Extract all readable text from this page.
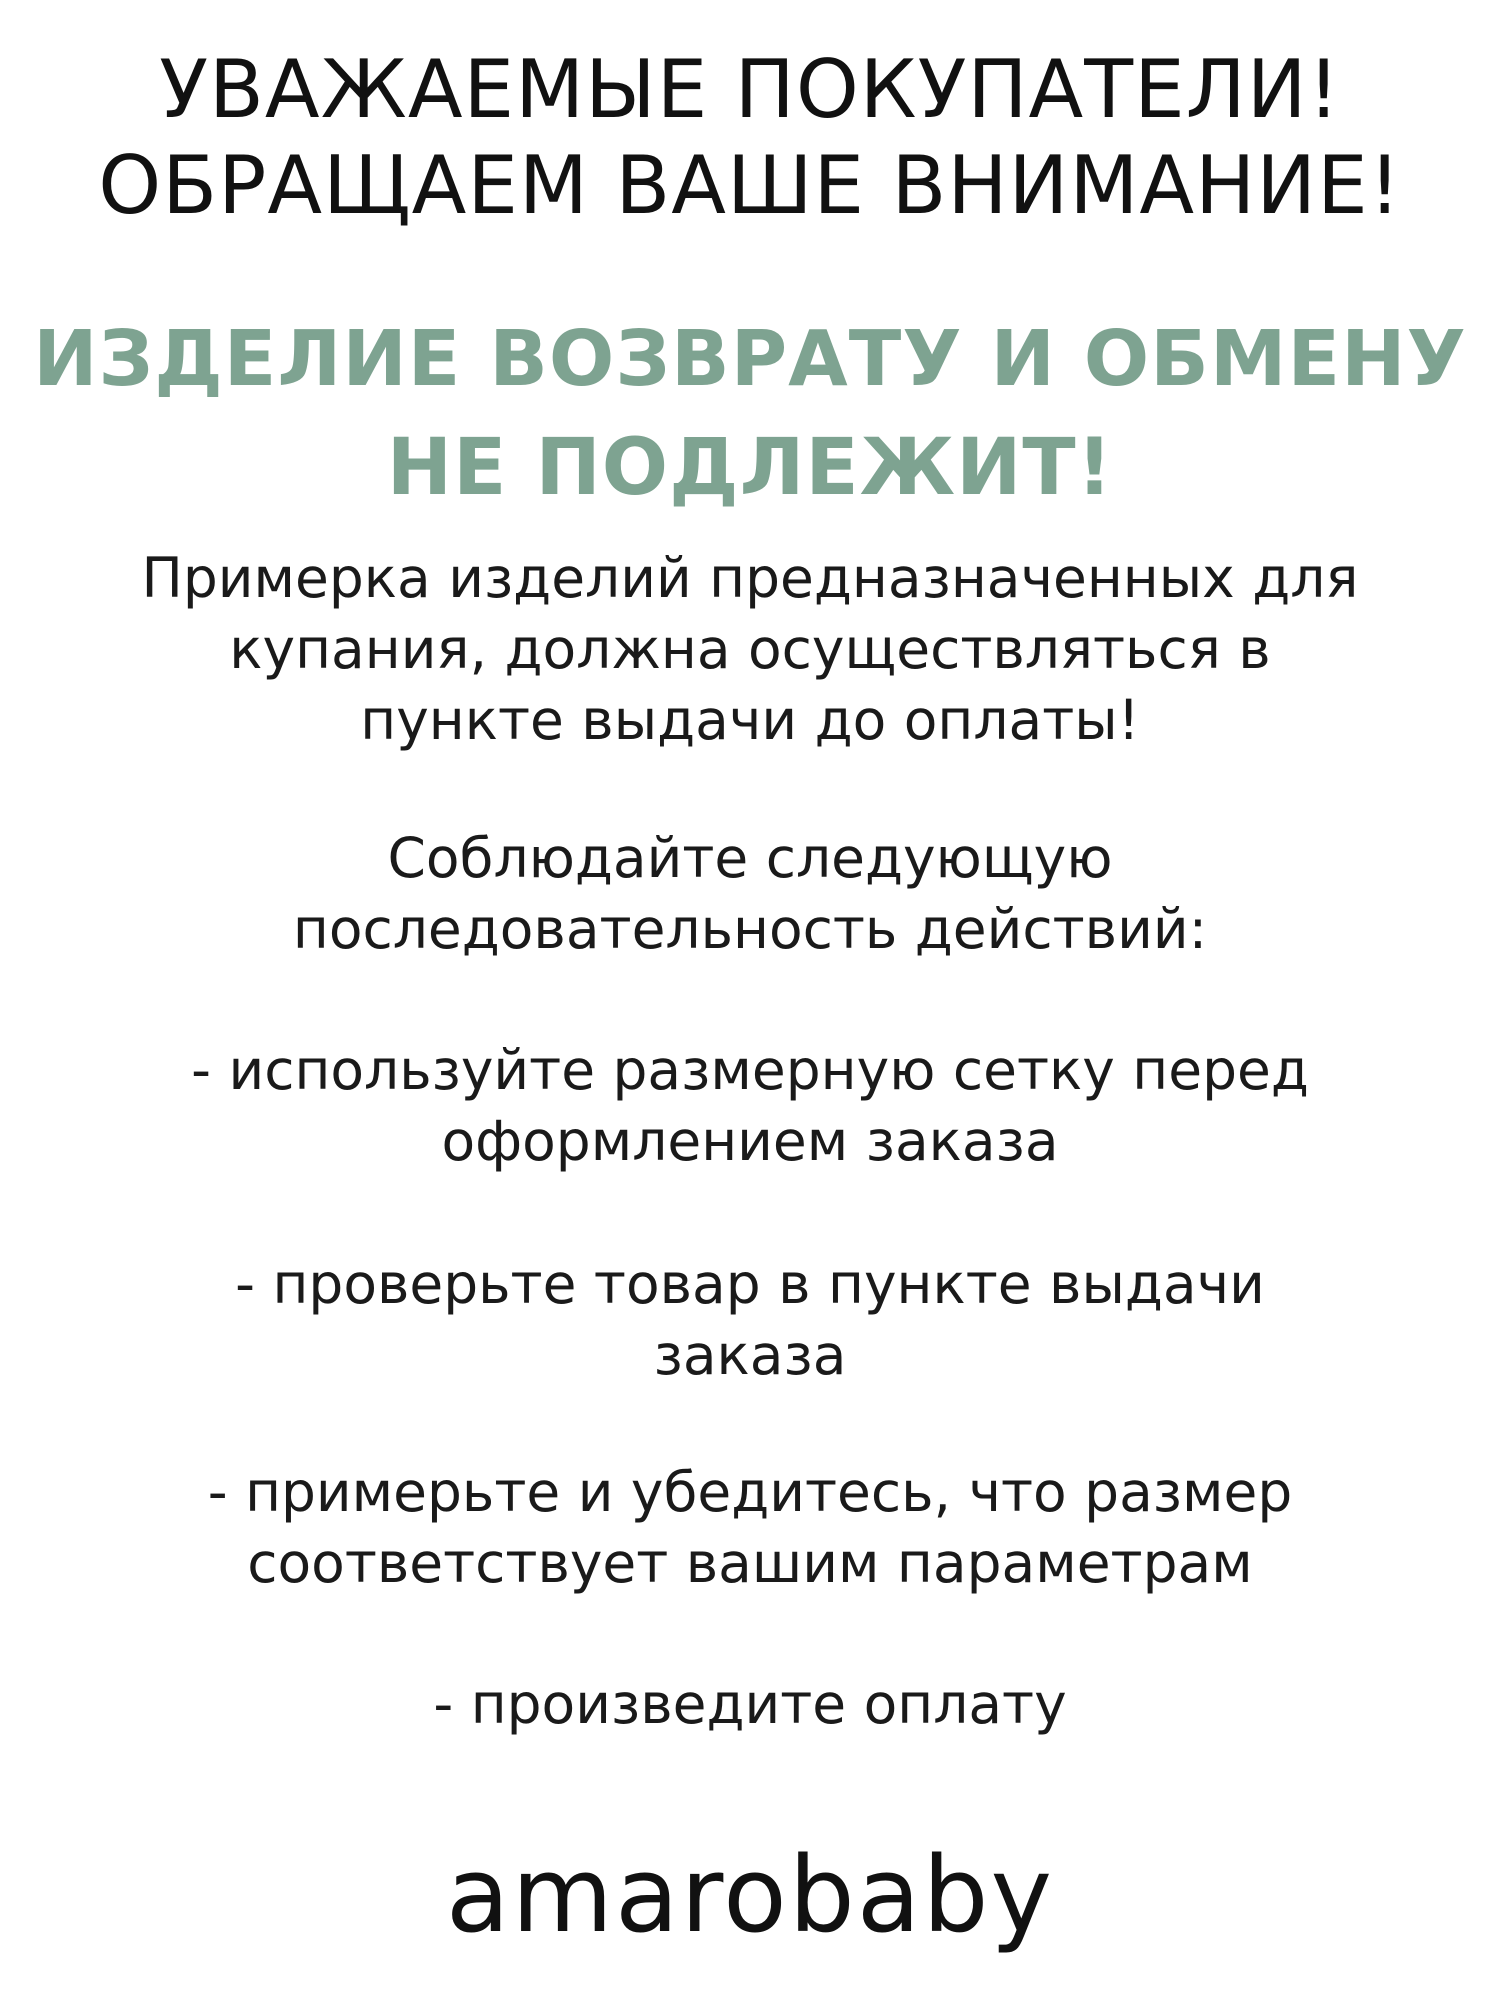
УВАЖАЕМЫЕ ПОКУПАТЕЛИ!
ОБРАЩАЕМ ВАШЕ ВНИМАНИЕ!
ИЗДЕЛИЕ ВОЗВРАТУ И ОБМЕНУ
НЕ ПОДЛЕЖИТ!
Примерка изделий предназначенных для
купания, должна осуществляться в
пункте выдачи до оплаты!
Соблюдайте следующую
последовательность действий:
- используйте размерную сетку перед
оформлением заказа
- проверьте товар в пункте выдачи
заказа
- примерьте и убедитесь, что размер
соответствует вашим параметрам
- произведите оплату
amarobaby
